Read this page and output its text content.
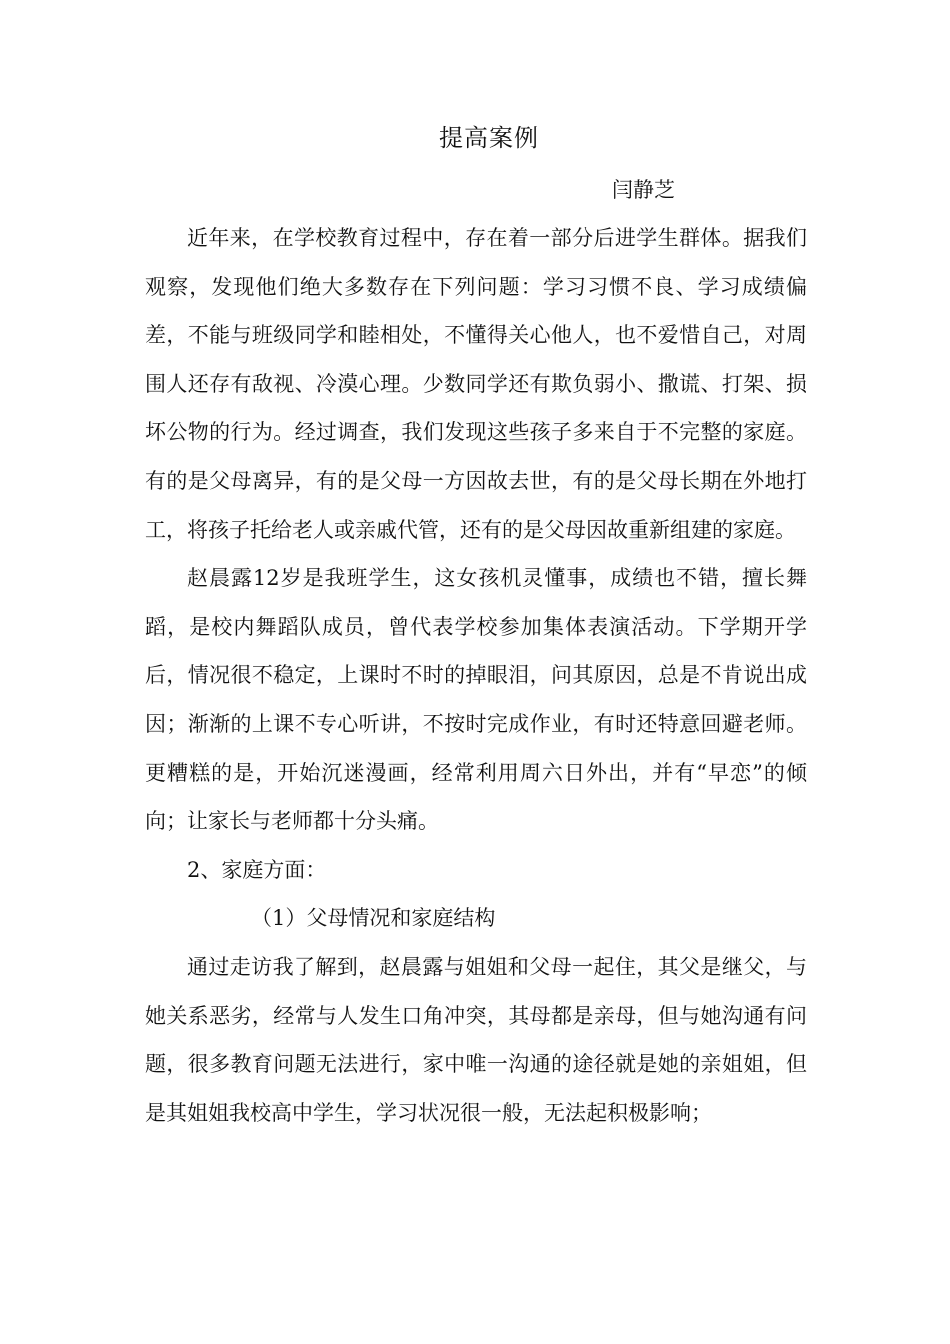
提高案例
闫静芝

近年来，在学校教育过程中，存在着一部分后进学生群体。据我们观察，发现他们绝大多数存在下列问题：学习习惯不良、学习成绩偏差，不能与班级同学和睦相处，不懂得关心他人，也不爱惜自己，对周围人还存有敌视、冷漠心理。少数同学还有欺负弱小、撒谎、打架、损坏公物的行为。经过调查，我们发现这些孩子多来自于不完整的家庭。有的是父母离异，有的是父母一方因故去世，有的是父母长期在外地打工，将孩子托给老人或亲戚代管，还有的是父母因故重新组建的家庭。

赵晨露12岁是我班学生，这女孩机灵懂事，成绩也不错，擅长舞蹈，是校内舞蹈队成员，曾代表学校参加集体表演活动。下学期开学后，情况很不稳定，上课时不时的掉眼泪，问其原因，总是不肯说出成因；渐渐的上课不专心听讲，不按时完成作业，有时还特意回避老师。更糟糕的是，开始沉迷漫画，经常利用周六日外出，并有“早恋”的倾向；让家长与老师都十分头痛。

2、家庭方面：

（1）父母情况和家庭结构

通过走访我了解到，赵晨露与姐姐和父母一起住，其父是继父，与她关系恶劣，经常与人发生口角冲突，其母都是亲母，但与她沟通有问题，很多教育问题无法进行，家中唯一沟通的途径就是她的亲姐姐，但是其姐姐我校高中学生，学习状况很一般，无法起积极影响；
